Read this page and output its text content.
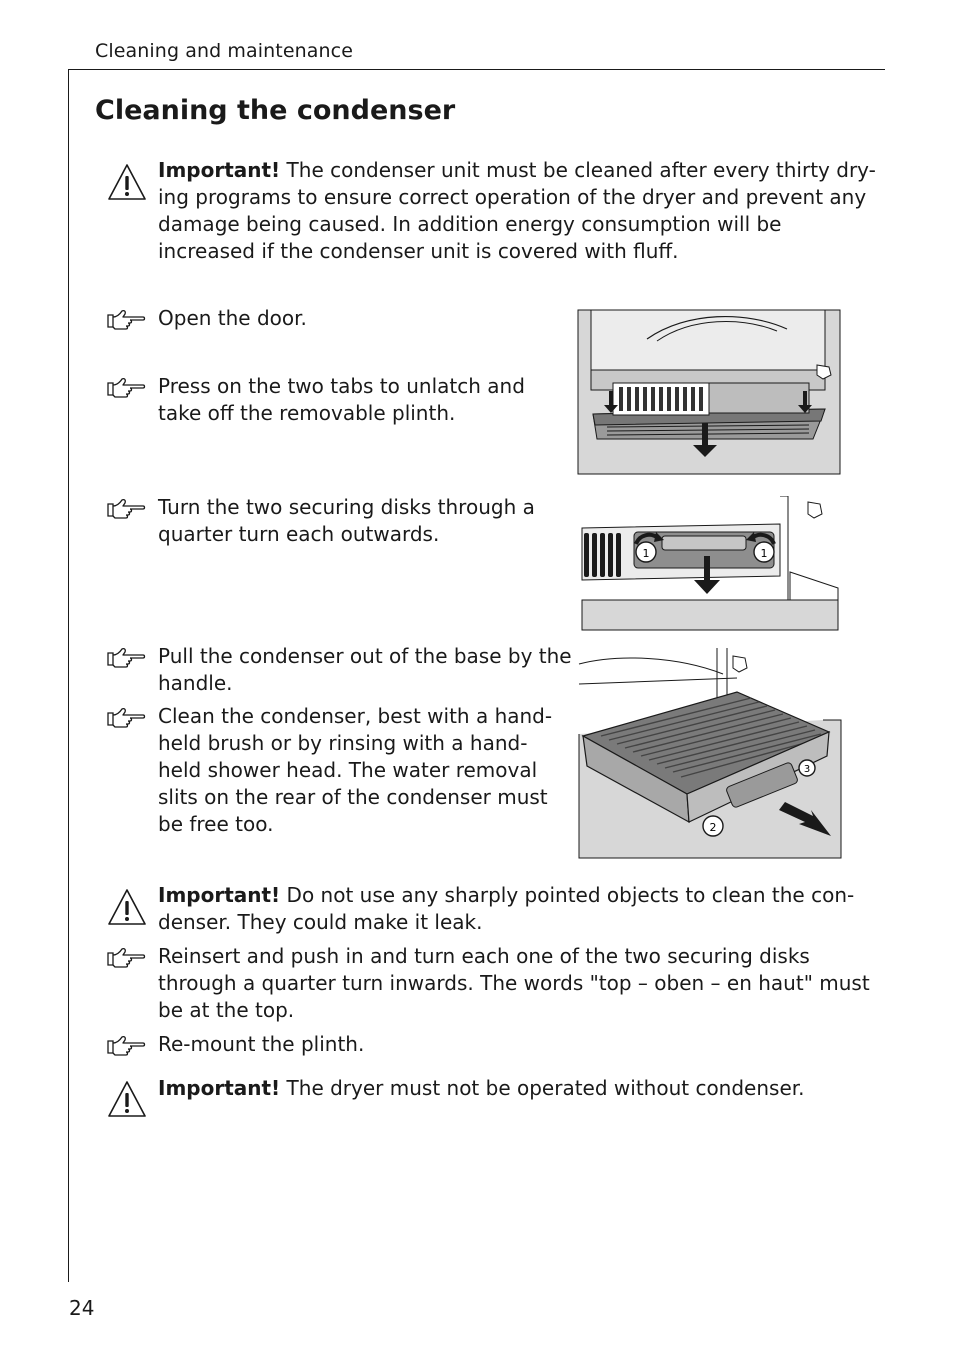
Cleaning and maintenance
Cleaning the condenser
Important! The condenser unit must be cleaned after every thirty dry-
ing programs to ensure correct operation of the dryer and prevent any
damage being caused. In addition energy consumption will be
increased if the condenser unit is covered with fluff.
Open the door.
Press on the two tabs to unlatch and
take off the removable plinth.
Turn the two securing disks through a
quarter turn each outwards.
Pull the condenser out of the base by the
handle.
Clean the condenser, best with a hand-
held brush or by rinsing with a hand-
held shower head. The water removal
slits on the rear of the condenser must
be free too.
Important! Do not use any sharply pointed objects to clean the con-
denser. They could make it leak.
Reinsert and push in and turn each one of the two securing disks
through a quarter turn inwards. The words "top – oben – en haut" must
be at the top.
Re-mount the plinth.
Important! The dryer must not be operated without condenser.
1	1
2
3
24
